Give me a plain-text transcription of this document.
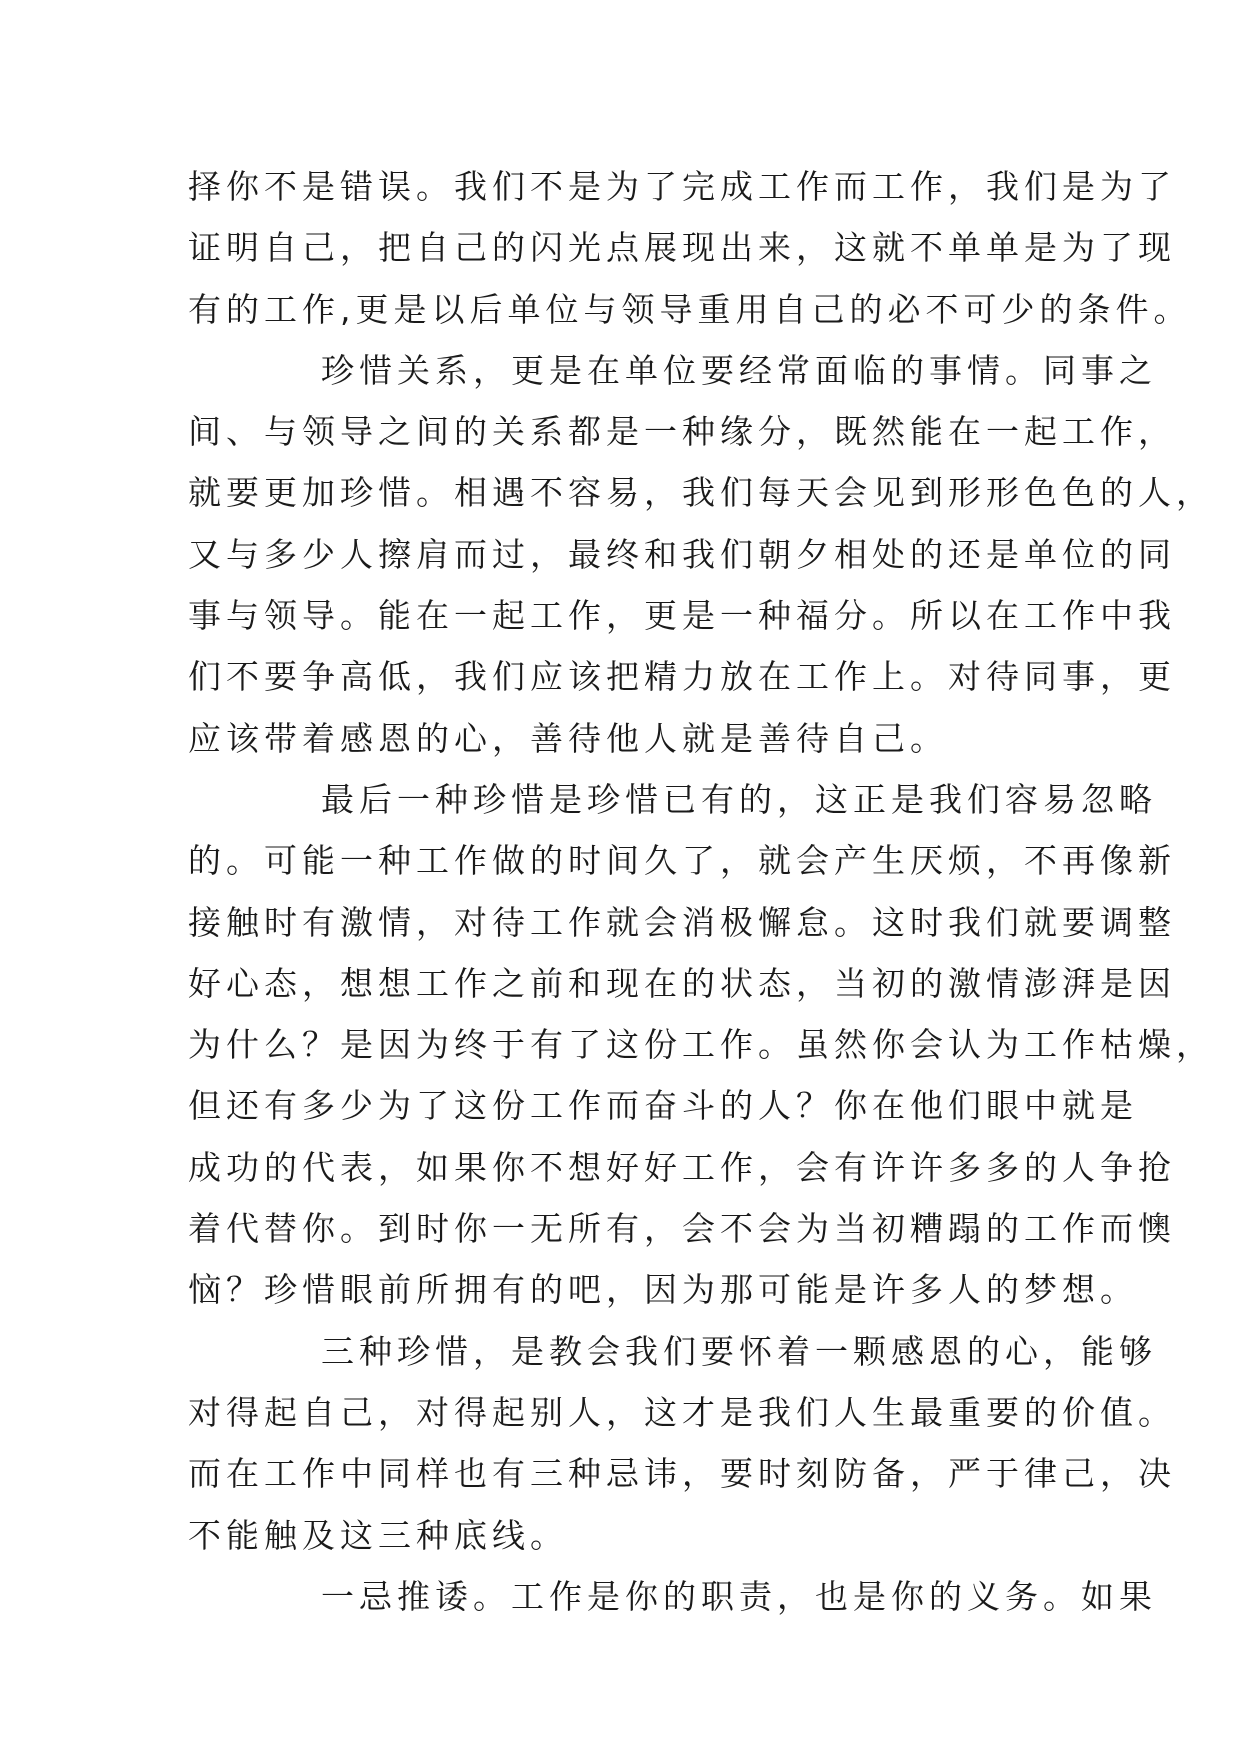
择你不是错误。我们不是为了完成工作而工作，我们是为了
证明自己，把自己的闪光点展现出来，这就不单单是为了现
有的工作,更是以后单位与领导重用自己的必不可少的条件。
珍惜关系，更是在单位要经常面临的事情。同事之
间、与领导之间的关系都是一种缘分，既然能在一起工作，
就要更加珍惜。相遇不容易，我们每天会见到形形色色的人，
又与多少人擦肩而过，最终和我们朝夕相处的还是单位的同
事与领导。能在一起工作，更是一种福分。所以在工作中我
们不要争高低，我们应该把精力放在工作上。对待同事，更
应该带着感恩的心，善待他人就是善待自己。
最后一种珍惜是珍惜已有的，这正是我们容易忽略
的。可能一种工作做的时间久了，就会产生厌烦，不再像新
接触时有激情，对待工作就会消极懈怠。这时我们就要调整
好心态，想想工作之前和现在的状态，当初的激情澎湃是因
为什么？是因为终于有了这份工作。虽然你会认为工作枯燥，
但还有多少为了这份工作而奋斗的人？你在他们眼中就是
成功的代表，如果你不想好好工作，会有许许多多的人争抢
着代替你。到时你一无所有，会不会为当初糟蹋的工作而懊
恼？珍惜眼前所拥有的吧，因为那可能是许多人的梦想。
三种珍惜，是教会我们要怀着一颗感恩的心，能够
对得起自己，对得起别人，这才是我们人生最重要的价值。
而在工作中同样也有三种忌讳，要时刻防备，严于律己，决
不能触及这三种底线。
一忌推诿。工作是你的职责，也是你的义务。如果
